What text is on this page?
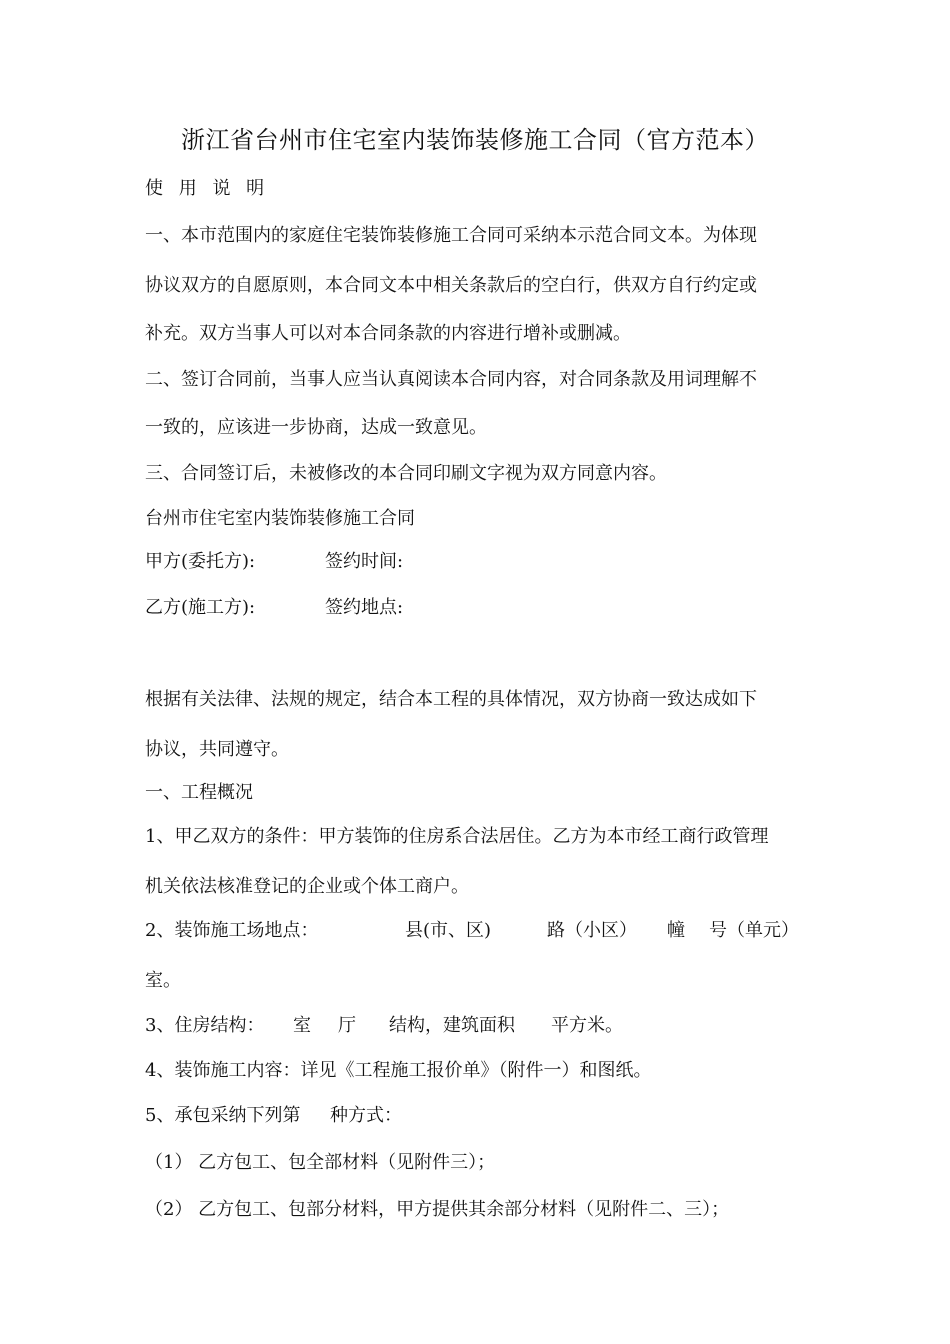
浙江省台州市住宅室内装饰装修施工合同（官方范本）
使 用 说 明
一、本市范围内的家庭住宅装饰装修施工合同可采纳本示范合同文本。为体现
协议双方的自愿原则，本合同文本中相关条款后的空白行，供双方自行约定或
补充。双方当事人可以对本合同条款的内容进行增补或删减。
二、签订合同前，当事人应当认真阅读本合同内容，对合同条款及用词理解不
一致的，应该进一步协商，达成一致意见。
三、合同签订后，未被修改的本合同印刷文字视为双方同意内容。
台州市住宅室内装饰装修施工合同
甲方(委托方):	签约时间:
乙方(施工方):	签约地点:
根据有关法律、法规的规定，结合本工程的具体情况，双方协商一致达成如下
协议，共同遵守。
一、工程概况
1、甲乙双方的条件：甲方装饰的住房系合法居住。乙方为本市经工商行政管理
机关依法核准登记的企业或个体工商户。
2、装饰施工场地点：	县(市、区)	路（小区） 幢 号（单元）
室。
3、住房结构： 室 厅 结构，建筑面积 平方米。
4、装饰施工内容：详见《工程施工报价单》（附件一）和图纸。
5、承包采纳下列第 种方式：
（1） 乙方包工、包全部材料（见附件三）；
（2） 乙方包工、包部分材料，甲方提供其余部分材料（见附件二、三）；
